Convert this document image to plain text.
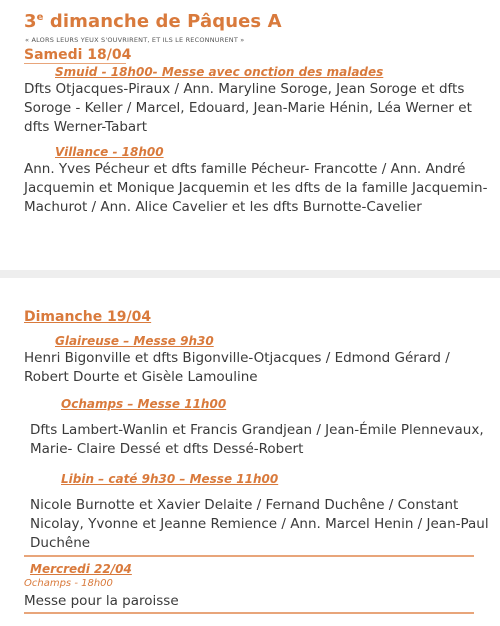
3e dimanche de Pâques A
« ALORS LEURS YEUX S'OUVRIRENT, ET ILS LE RECONNURENT »
Samedi 18/04
Smuid - 18h00- Messe avec onction des malades
Dfts Otjacques-Piraux / Ann. Maryline Soroge, Jean Soroge et dfts Soroge - Keller / Marcel, Edouard, Jean-Marie Hénin, Léa Werner et dfts Werner-Tabart
Villance - 18h00
Ann. Yves Pécheur et dfts famille Pécheur- Francotte / Ann. André Jacquemin et Monique Jacquemin et les dfts de la famille Jacquemin- Machurot / Ann. Alice Cavelier et les dfts Burnotte-Cavelier
Dimanche 19/04
Glaireuse – Messe 9h30
Henri Bigonville et dfts Bigonville-Otjacques / Edmond Gérard / Robert Dourte et Gisèle Lamouline
Ochamps – Messe 11h00
Dfts Lambert-Wanlin et Francis Grandjean / Jean-Émile Plennevaux, Marie- Claire Dessé et dfts Dessé-Robert
Libin – caté 9h30 – Messe 11h00
Nicole Burnotte et Xavier Delaite / Fernand Duchêne / Constant Nicolay, Yvonne et Jeanne Remience / Ann. Marcel Henin / Jean-Paul Duchêne
Mercredi 22/04
Ochamps - 18h00
Messe pour la paroisse
